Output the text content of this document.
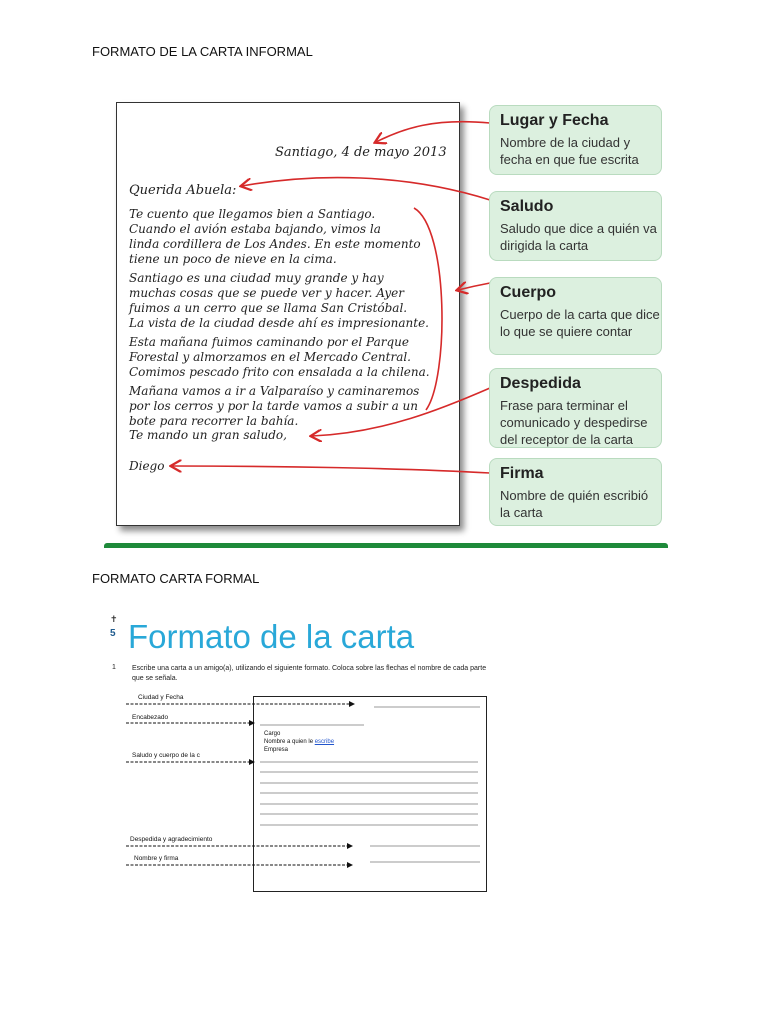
FORMATO DE LA CARTA INFORMAL
Santiago, 4 de mayo 2013
Querida Abuela:
Te cuento que llegamos bien a Santiago.
Cuando el avión estaba bajando, vimos la
linda cordillera de Los Andes. En este momento
tiene un poco de nieve en la cima.
Santiago es una ciudad muy grande y hay
muchas cosas que se puede ver y hacer. Ayer
fuimos a un cerro que se llama San Cristóbal.
La vista de la ciudad desde ahí es impresionante.
Esta mañana fuimos caminando por el Parque
Forestal y almorzamos en el Mercado Central.
Comimos pescado frito con ensalada a la chilena.
Mañana vamos a ir a Valparaíso y caminaremos
por los cerros y por la tarde vamos a subir a un
bote para recorrer la bahía.
Te mando un gran saludo,
Diego
Lugar y Fecha
Nombre de la ciudad y fecha en que fue escrita
Saludo
Saludo que dice a quién va dirigida la carta
Cuerpo
Cuerpo de la carta que dice lo que se quiere contar
Despedida
Frase para terminar el comunicado y despedirse del receptor de la carta
Firma
Nombre de quién escribió la carta
FORMATO CARTA FORMAL
✝
5 Formato de la carta
1 Escribe una carta a un amigo(a), utilizando el siguiente formato. Coloca sobre las flechas el nombre de cada parte que se señala.
Ciudad y Fecha
Encabezado
Saludo y cuerpo de la c
Despedida y agradecimiento
Nombre y firma
Cargo
Nombre a quien le escribe
Empresa
